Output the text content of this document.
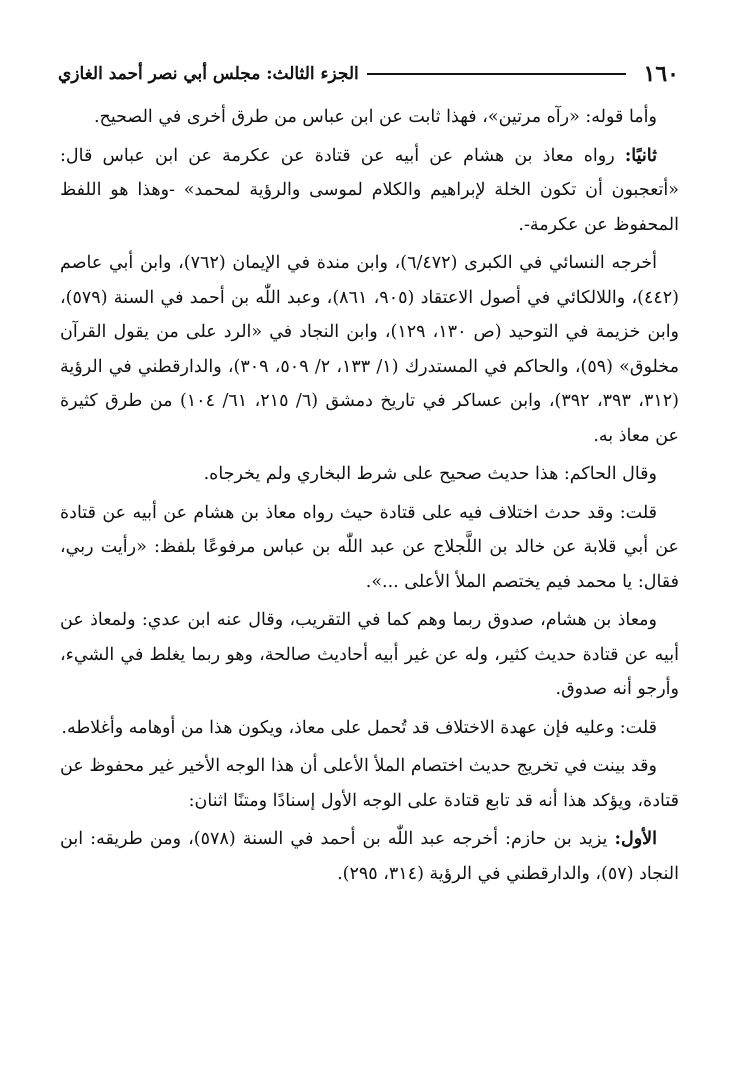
١٦٠
الجزء الثالث: مجلس أبي نصر أحمد الغازي

وأما قوله: «رآه مرتين»، فهذا ثابت عن ابن عباس من طرق أخرى في الصحيح.

ثانيًا: رواه معاذ بن هشام عن أبيه عن قتادة عن عكرمة عن ابن عباس قال: «أتعجبون أن تكون الخلة لإبراهيم والكلام لموسى والرؤية لمحمد» -وهذا هو اللفظ المحفوظ عن عكرمة-.

أخرجه النسائي في الكبرى (٦/٤٧٢)، وابن مندة في الإيمان (٧٦٢)، وابن أبي عاصم (٤٤٢)، واللالكائي في أصول الاعتقاد (٩٠٥، ٨٦١)، وعبد اللّٰه بن أحمد في السنة (٥٧٩)، وابن خزيمة في التوحيد (ص ١٣٠، ١٢٩)، وابن النجاد في «الرد على من يقول القرآن مخلوق» (٥٩)، والحاكم في المستدرك (١/ ١٣٣، ٢/ ٥٠٩، ٣٠٩)، والدارقطني في الرؤية (٣١٢، ٣٩٣، ٣٩٢)، وابن عساكر في تاريخ دمشق (٦/ ٢١٥، ٦١/ ١٠٤) من طرق كثيرة عن معاذ به.

وقال الحاكم: هذا حديث صحيح على شرط البخاري ولم يخرجاه.

قلت: وقد حدث اختلاف فيه على قتادة حيث رواه معاذ بن هشام عن أبيه عن قتادة عن أبي قلابة عن خالد بن اللَّجلاج عن عبد اللّٰه بن عباس مرفوعًا بلفظ: «رأيت ربي، فقال: يا محمد فيم يختصم الملأ الأعلى ...».

ومعاذ بن هشام، صدوق ربما وهم كما في التقريب، وقال عنه ابن عدي: ولمعاذ عن أبيه عن قتادة حديث كثير، وله عن غير أبيه أحاديث صالحة، وهو ربما يغلط في الشيء، وأرجو أنه صدوق.

قلت: وعليه فإن عهدة الاختلاف قد تُحمل على معاذ، ويكون هذا من أوهامه وأغلاطه.

وقد بينت في تخريج حديث اختصام الملأ الأعلى أن هذا الوجه الأخير غير محفوظ عن قتادة، ويؤكد هذا أنه قد تابع قتادة على الوجه الأول إسنادًا ومتنًا اثنان:

الأول: يزيد بن حازم: أخرجه عبد اللّٰه بن أحمد في السنة (٥٧٨)، ومن طريقه: ابن النجاد (٥٧)، والدارقطني في الرؤية (٣١٤، ٢٩٥).
